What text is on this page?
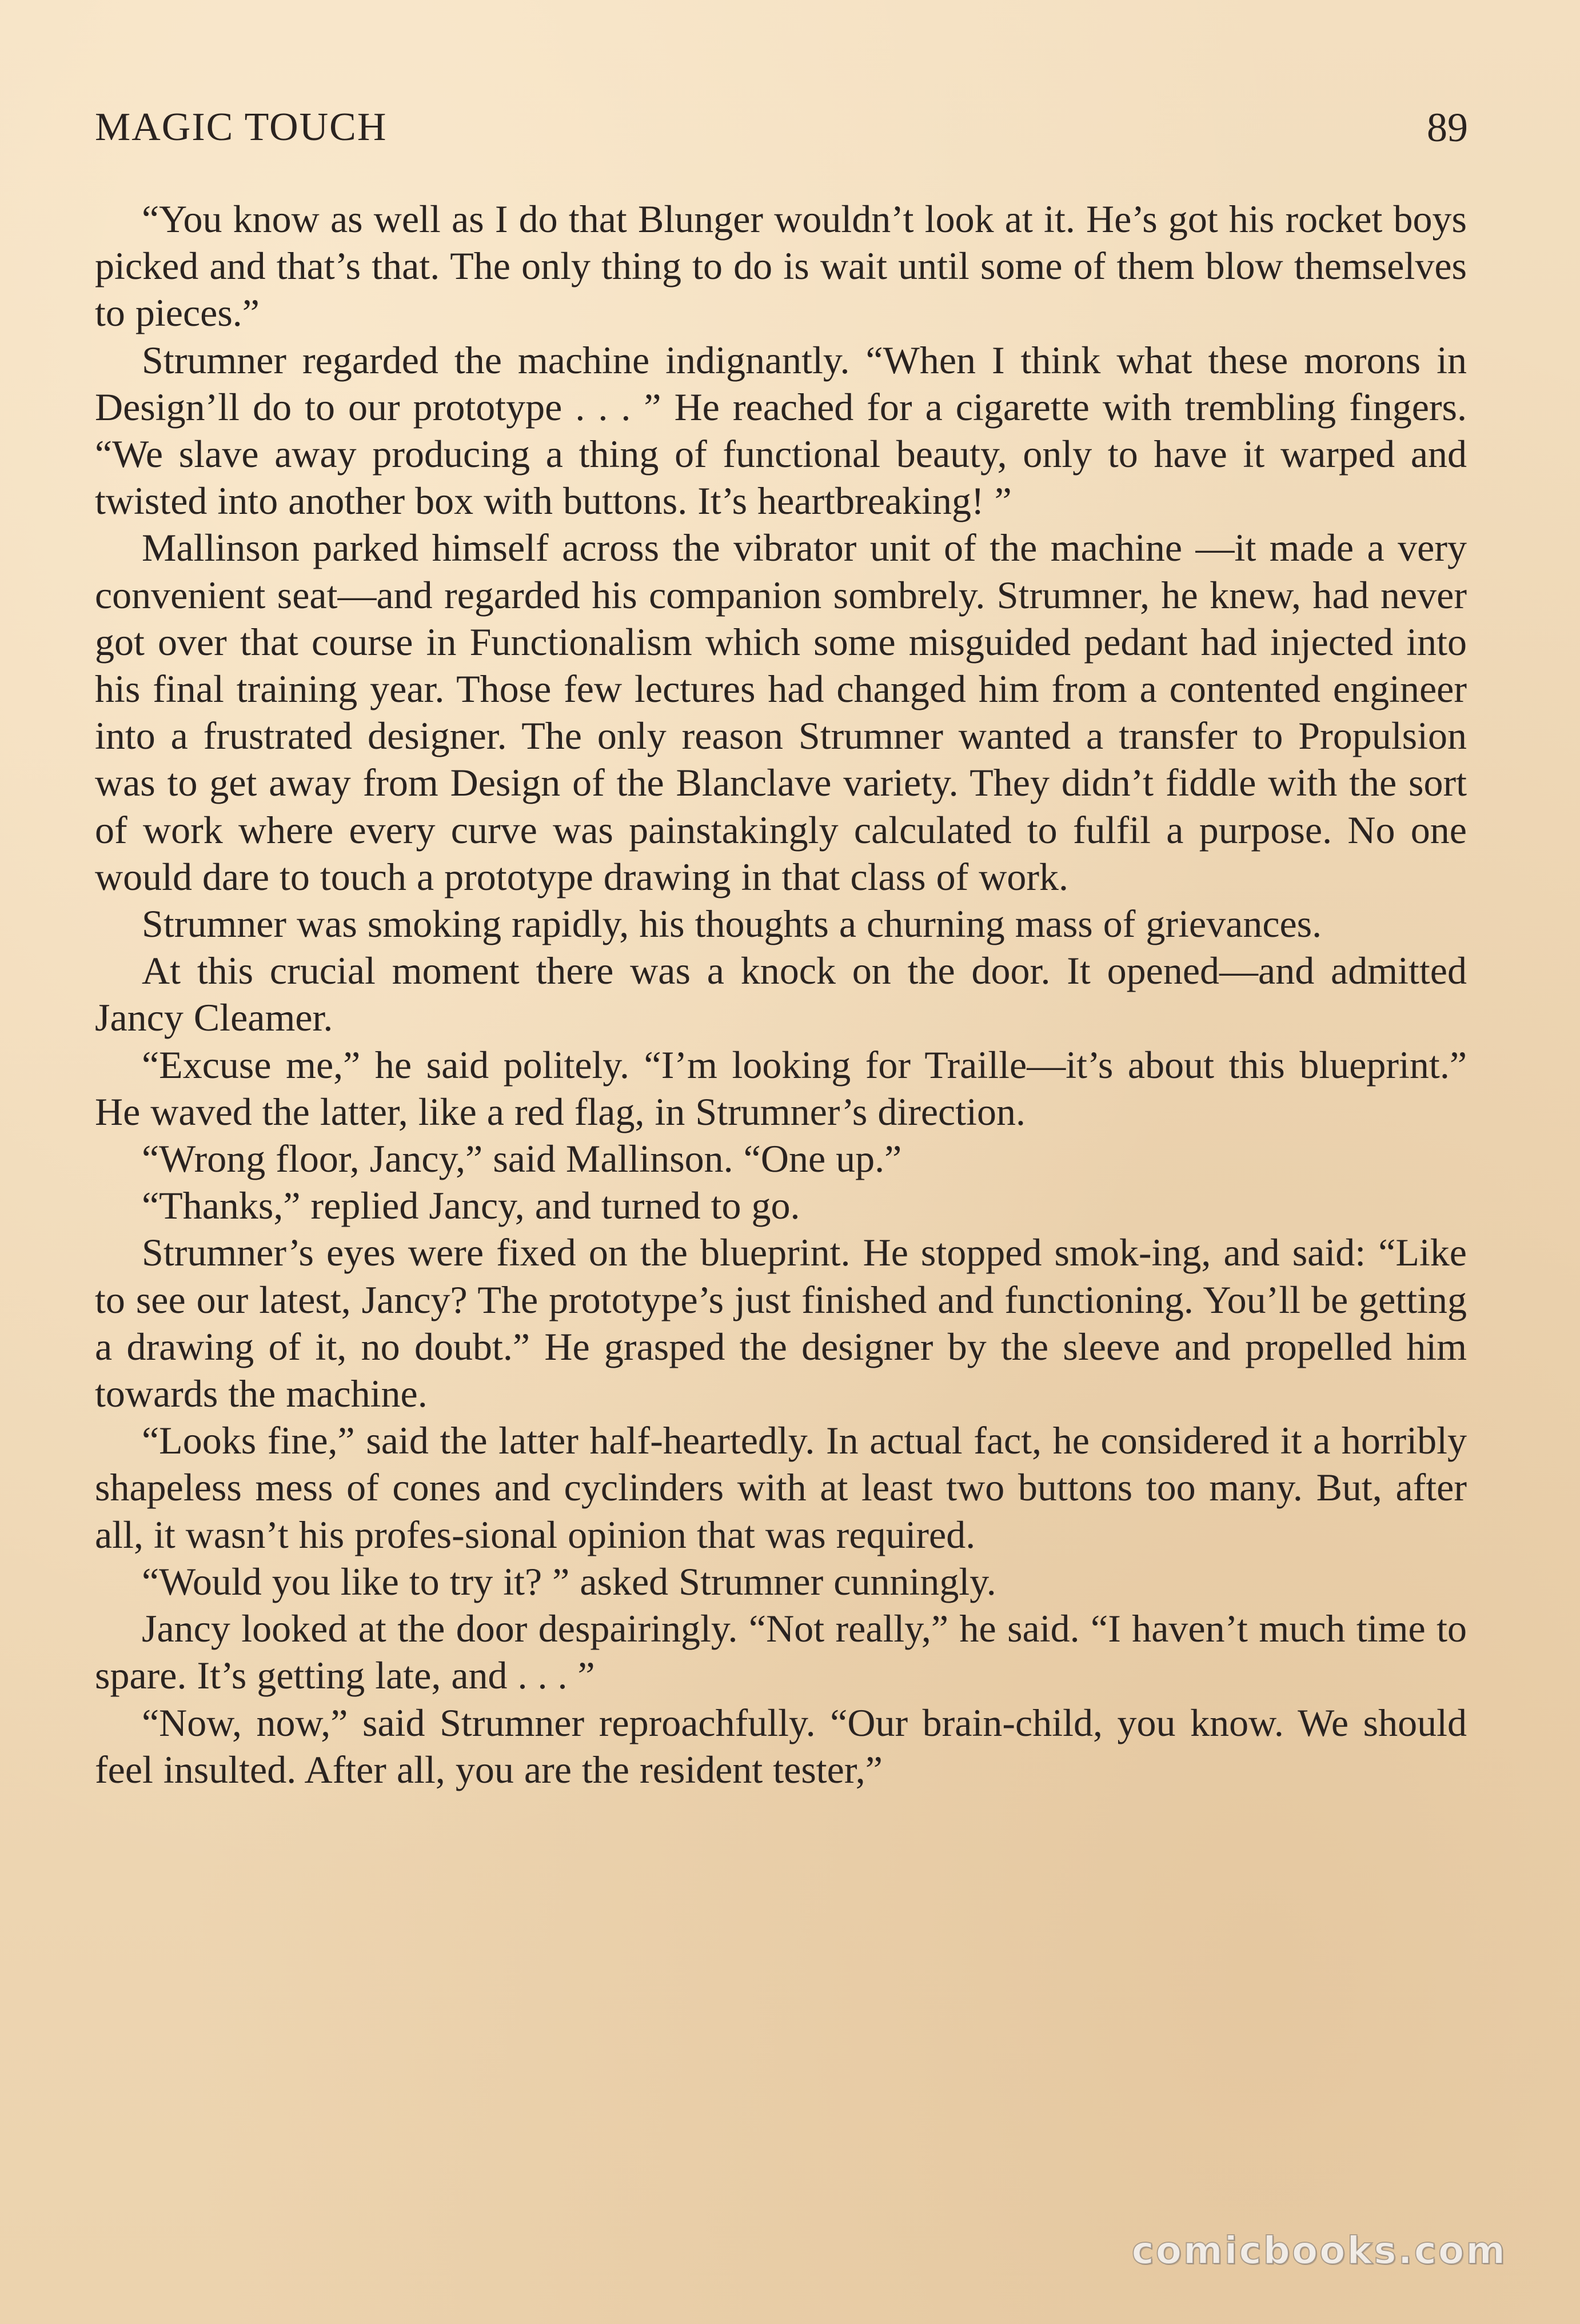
MAGIC TOUCH	89

“You know as well as I do that Blunger wouldn’t look at it. He’s got his rocket boys picked and that’s that. The only thing to do is wait until some of them blow themselves to pieces.”

Strumner regarded the machine indignantly. “When I think what these morons in Design’ll do to our prototype . . . ” He reached for a cigarette with trembling fingers. “We slave away producing a thing of functional beauty, only to have it warped and twisted into another box with buttons. It’s heartbreaking! ”

Mallinson parked himself across the vibrator unit of the machine —it made a very convenient seat—and regarded his companion sombrely. Strumner, he knew, had never got over that course in Functionalism which some misguided pedant had injected into his final training year. Those few lectures had changed him from a contented engineer into a frustrated designer. The only reason Strumner wanted a transfer to Propulsion was to get away from Design of the Blanclave variety. They didn’t fiddle with the sort of work where every curve was painstakingly calculated to fulfil a purpose. No one would dare to touch a prototype drawing in that class of work.

Strumner was smoking rapidly, his thoughts a churning mass of grievances.

At this crucial moment there was a knock on the door. It opened—and admitted Jancy Cleamer.

“Excuse me,” he said politely. “I’m looking for Traille—it’s about this blueprint.” He waved the latter, like a red flag, in Strumner’s direction.

“Wrong floor, Jancy,” said Mallinson. “One up.”

“Thanks,” replied Jancy, and turned to go.

Strumner’s eyes were fixed on the blueprint. He stopped smok-ing, and said: “Like to see our latest, Jancy? The prototype’s just finished and functioning. You’ll be getting a drawing of it, no doubt.” He grasped the designer by the sleeve and propelled him towards the machine.

“Looks fine,” said the latter half-heartedly. In actual fact, he considered it a horribly shapeless mess of cones and cyclinders with at least two buttons too many. But, after all, it wasn’t his profes-sional opinion that was required.

“Would you like to try it? ” asked Strumner cunningly.

Jancy looked at the door despairingly. “Not really,” he said. “I haven’t much time to spare. It’s getting late, and . . . ”

“Now, now,” said Strumner reproachfully. “Our brain-child, you know. We should feel insulted. After all, you are the resident tester,”

comicbooks.com
